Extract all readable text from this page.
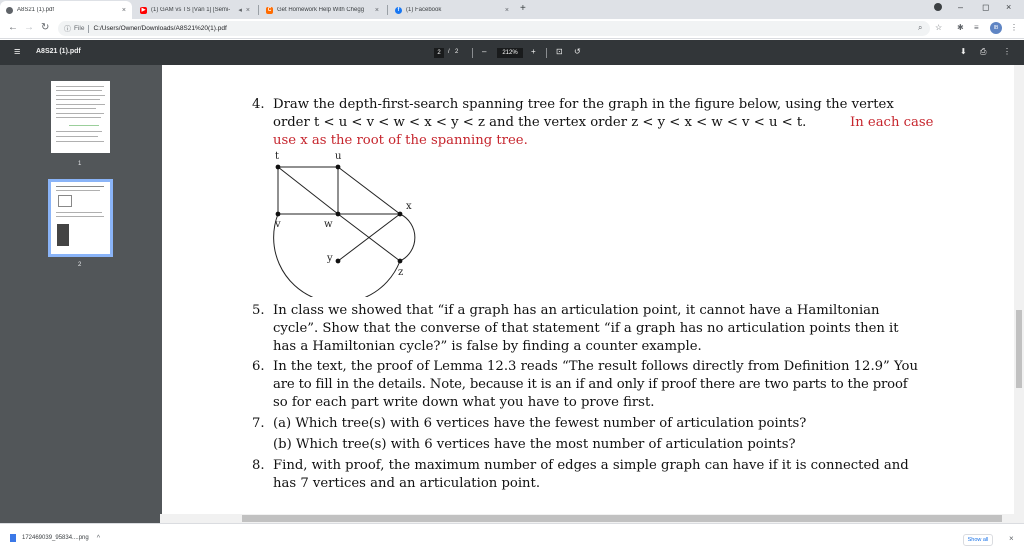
A8S21 (1).pdf	×	▶ (1) GAM vs TS [Vàn 1] [Semi-	◂ ×	C Get Homework Help With Chegg	×	f	(1) Facebook	× +	– ◻ ×
← → ↻ ⓘ File C:/Users/Owner/Downloads/A8S21%20(1).pdf	⌕ ☆ ✱ ≡	IB	⋮
≡ A8S21 (1).pdf	2 / 2	–	212% +	⊡ ↺	⬇ ⎙ ⋮
1
2
4. Draw the depth-first-search spanning tree for the graph in the figure below, using the vertex
order t < u < v < w < x < y < z and the vertex order z < y < x < w < v < u < t.	In each case
use x as the root of the spanning tree.
t	u
v	w
x
y
z
5. In class we showed that “if a graph has an articulation point, it cannot have a Hamiltonian
cycle”. Show that the converse of that statement “if a graph has no articulation points then it
has a Hamiltonian cycle?” is false by finding a counter example.
6. In the text, the proof of Lemma 12.3 reads “The result follows directly from Definition 12.9” You
are to fill in the details. Note, because it is an if and only if proof there are two parts to the proof
so for each part write down what you have to prove first.
7. (a) Which tree(s) with 6 vertices have the fewest number of articulation points?
(b) Which tree(s) with 6 vertices have the most number of articulation points?
8. Find, with proof, the maximum number of edges a simple graph can have if it is connected and
has 7 vertices and an articulation point.
172469039_95834....png ^	Show all	×
